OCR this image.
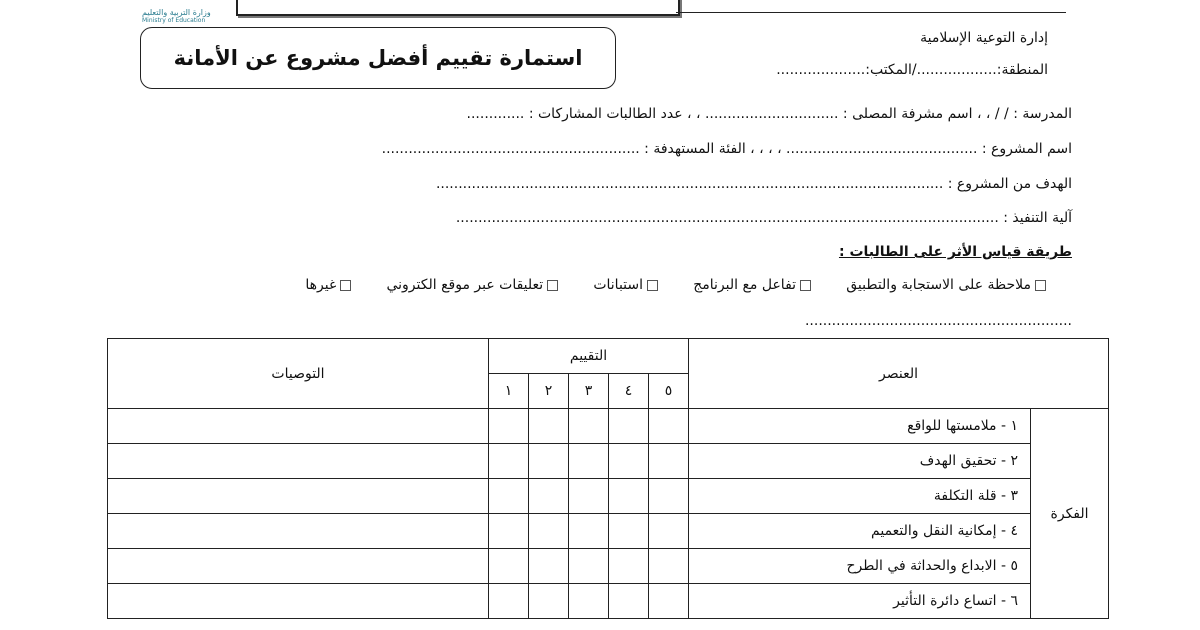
وزارة التربية والتعليم
Ministry of Education
إدارة التوعية الإسلامية
المنطقة:................../المكتب:....................
استمارة تقييم أفضل مشروع عن الأمانة
المدرسة : / / ، ، اسم مشرفة المصلى : .............................. ، ، عدد الطالبات المشاركات : .............
اسم المشروع : ........................................... ، ، ، ، الفئة المستهدفة : ..........................................................
الهدف من المشروع : ..................................................................................................................
آلية التنفيذ : ..........................................................................................................................
طريقة قياس الأثر على الطالبات :
ملاحظة على الاستجابة والتطبيق       تفاعل مع البرنامج       استبانات       تعليقات عبر موقع الكتروني       غيرها
............................................................
العنصر		التقييم					التوصيات
		٥	٤	٣	٢	١	
الفكرة	١ - ملامستها للواقع						
	٢ - تحقيق الهدف						
	٣ - قلة التكلفة						
	٤ - إمكانية النقل والتعميم						
	٥ - الابداع والحداثة في الطرح						
	٦ - اتساع دائرة التأثير						
